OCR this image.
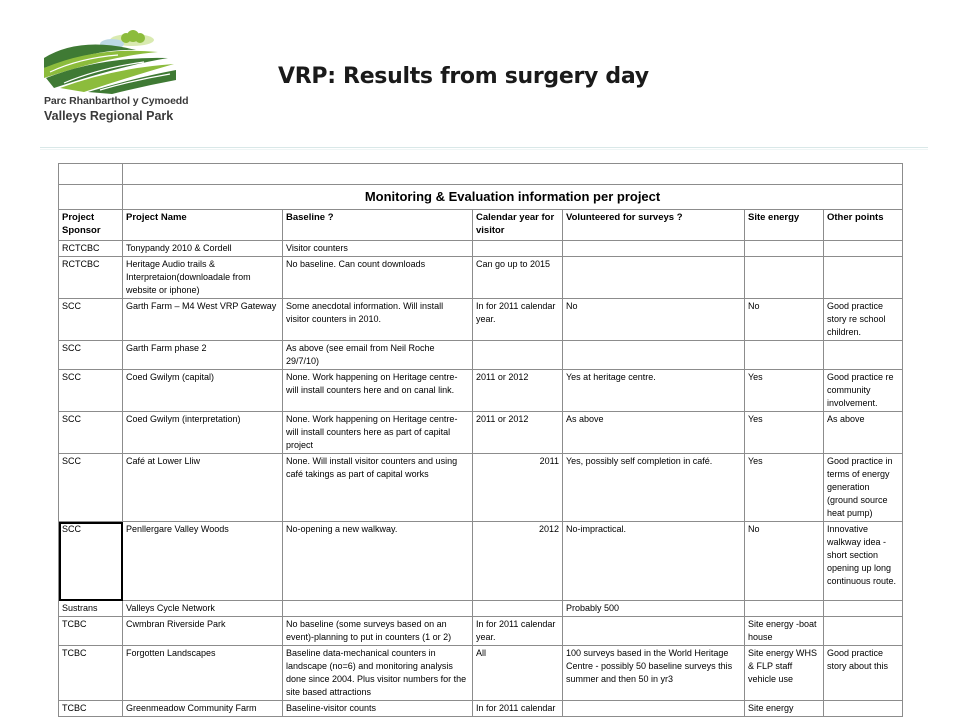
Parc Rhanbarthol y Cymoedd
Valleys Regional Park
VRP: Results from surgery day

	Monitoring & Evaluation information per project					
Project Sponsor	Project Name	Baseline ?	Calendar year for visitor	Volunteered for surveys ?	Site energy	Other points
RCTCBC	Tonypandy 2010 & Cordell	Visitor counters				
RCTCBC	Heritage Audio trails & Interpretaion(downloadale from website or iphone)	No baseline. Can count downloads	Can go up to 2015			
SCC	Garth Farm – M4 West VRP Gateway	Some anecdotal information. Will install visitor counters in 2010.	In for 2011 calendar year.	No	No	Good practice story re school children.
SCC	Garth Farm phase 2	As above (see email from Neil Roche 29/7/10)				
SCC	Coed Gwilym (capital)	None. Work happening on Heritage centre-will install counters here and on canal link.	2011 or 2012	Yes at heritage centre.	Yes	Good practice re community involvement.
SCC	Coed Gwilym (interpretation)	None. Work happening on Heritage centre-will install counters here as part of capital project	2011 or 2012	As above	Yes	As above
SCC	Café at Lower Lliw	None. Will install visitor counters and using café takings as part of capital works	2011	Yes, possibly self completion in café.	Yes	Good practice in terms of energy generation (ground source heat pump)
SCC	Penllergare Valley Woods	No-opening a new walkway.	2012	No-impractical.	No	Innovative walkway idea - short section opening up long continuous route.
Sustrans	Valleys Cycle Network			Probably 500		
TCBC	Cwmbran Riverside Park	No baseline (some surveys based on an event)-planning to put in counters (1 or 2)	In for 2011 calendar year.		Site energy -boat house	
TCBC	Forgotten Landscapes	Baseline data-mechanical counters in landscape (no=6) and monitoring analysis done since 2004. Plus visitor numbers for the site based attractions	All	100 surveys based in the World Heritage Centre - possibly 50 baseline surveys this summer and then 50 in yr3	Site energy WHS & FLP staff vehicle use	Good practice story about this
TCBC	Greenmeadow Community Farm	Baseline-visitor counts	In for 2011 calendar		Site energy	
